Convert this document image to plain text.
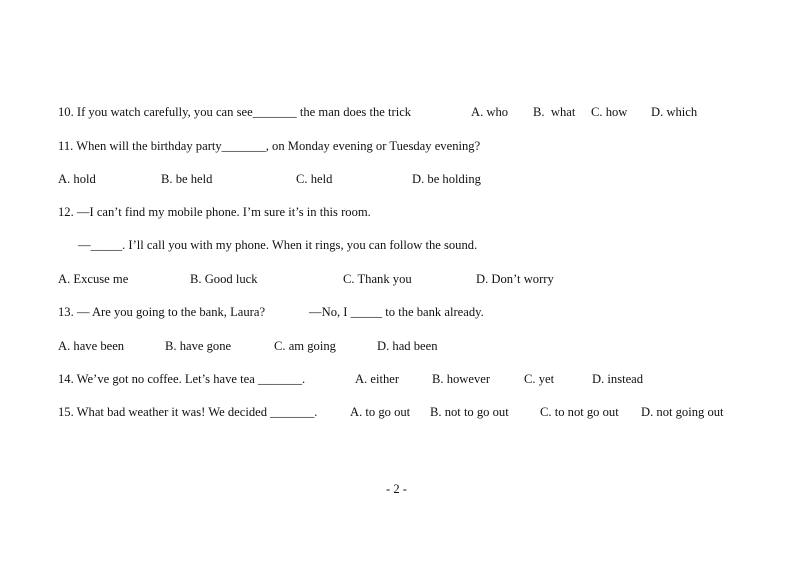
10. If you watch carefully, you can see_______ the man does the trick	A. who B.  what C. how D. which
11. When will the birthday party_______, on Monday evening or Tuesday evening?
A. hold	B. be held	C. held	D. be holding
12. —I can’t find my mobile phone. I’m sure it’s in this room.
—_____. I’ll call you with my phone. When it rings, you can follow the sound.
A. Excuse me	B. Good luck	C. Thank you	D. Don’t worry
13. — Are you going to the bank, Laura?	—No, I _____ to the bank already.
A. have been	B. have gone	C. am going	D. had been
14. We’ve got no coffee. Let’s have tea _______.	A. either	B. however	C. yet	D. instead
15. What bad weather it was! We decided _______.	A. to go out B. not to go out C. to not go out D. not going out
- 2 -
